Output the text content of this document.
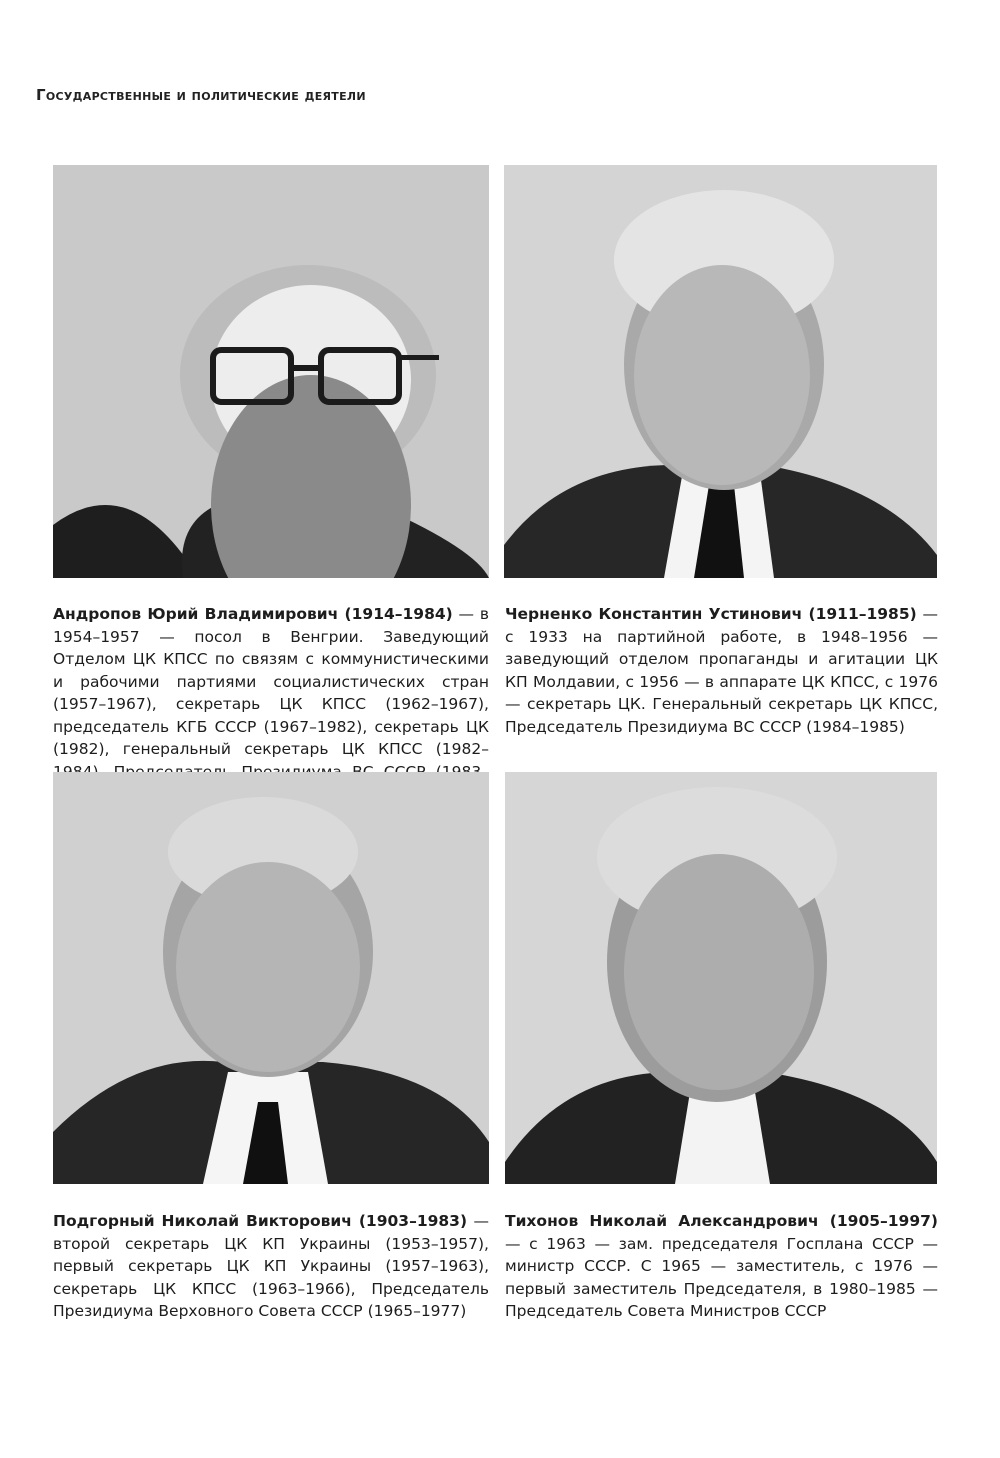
Государственные и политические деятели
Андропов Юрий Владимирович (1914–1984) — в 1954–1957 — посол в Венгрии. Заведующий Отделом ЦК КПСС по связям с коммунистическими и рабочими партиями социалистических стран (1957–1967), секретарь ЦК КПСС (1962–1967), председатель КГБ СССР (1967–1982), секретарь ЦК (1982), генеральный секретарь ЦК КПСС (1982–
Черненко Константин Устинович (1911–1985) — с 1933 на партийной работе, в 1948–1956 — заведующий отделом пропаганды и агитации ЦК КП Молдавии, с 1956 — в аппарате ЦК КПСС, с 1976 — секретарь ЦК. Генеральный секретарь ЦК КПСС, Председатель Президиума ВС СССР (1984–1985)
Подгорный Николай Викторович (1903–1983) — второй секретарь ЦК КП Украины (1953–1957), первый секретарь ЦК КП Украины (1957–1963), секретарь ЦК КПСС (1963–1966), Председатель Президиума Верховного Совета СССР (1965–1977)
Тихонов Николай Александрович (1905–1997) — с 1963 — зам. председателя Госплана СССР — министр СССР. С 1965 — заместитель, с 1976 — первый заместитель Председателя, в 1980–1985 — Председатель Совета Министров СССР
